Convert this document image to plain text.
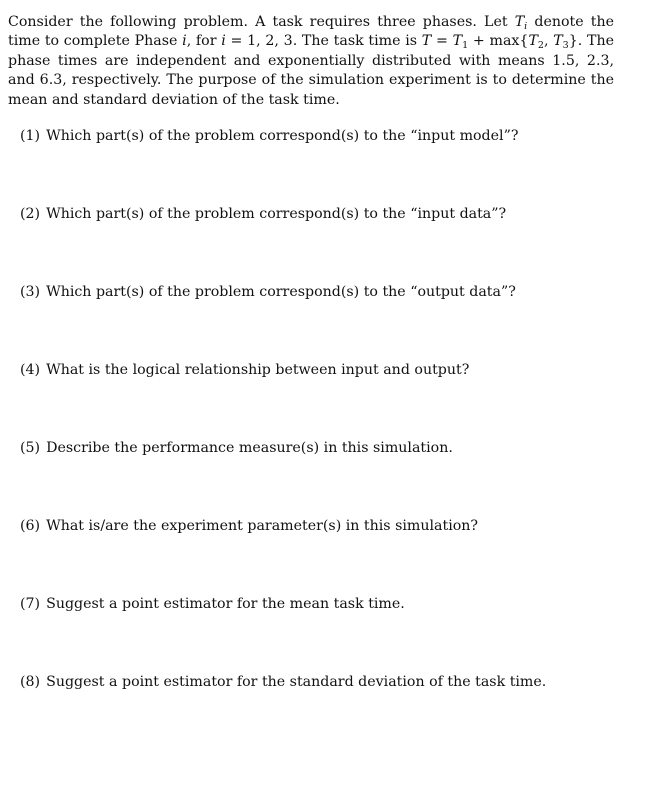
Consider the following problem. A task requires three phases. Let $T_i$ denote the time to complete Phase i, for i = 1, 2, 3. The task time is $T = T_1 + \max\{T_2$, $T_3$}. The phase times are independent and exponentially distributed with means 1.5, 2.3, and 6.3, respectively. The purpose of the simulation experiment is to determine the mean and standard deviation of the task time.
(1) Which part(s) of the problem correspond(s) to the “input model”?
(2) Which part(s) of the problem correspond(s) to the “input data”?
(3) Which part(s) of the problem correspond(s) to the “output data”?
(4) What is the logical relationship between input and output?
(5) Describe the performance measure(s) in this simulation.
(6) What is/are the experiment parameter(s) in this simulation?
(7) Suggest a point estimator for the mean task time.
(8) Suggest a point estimator for the standard deviation of the task time.
